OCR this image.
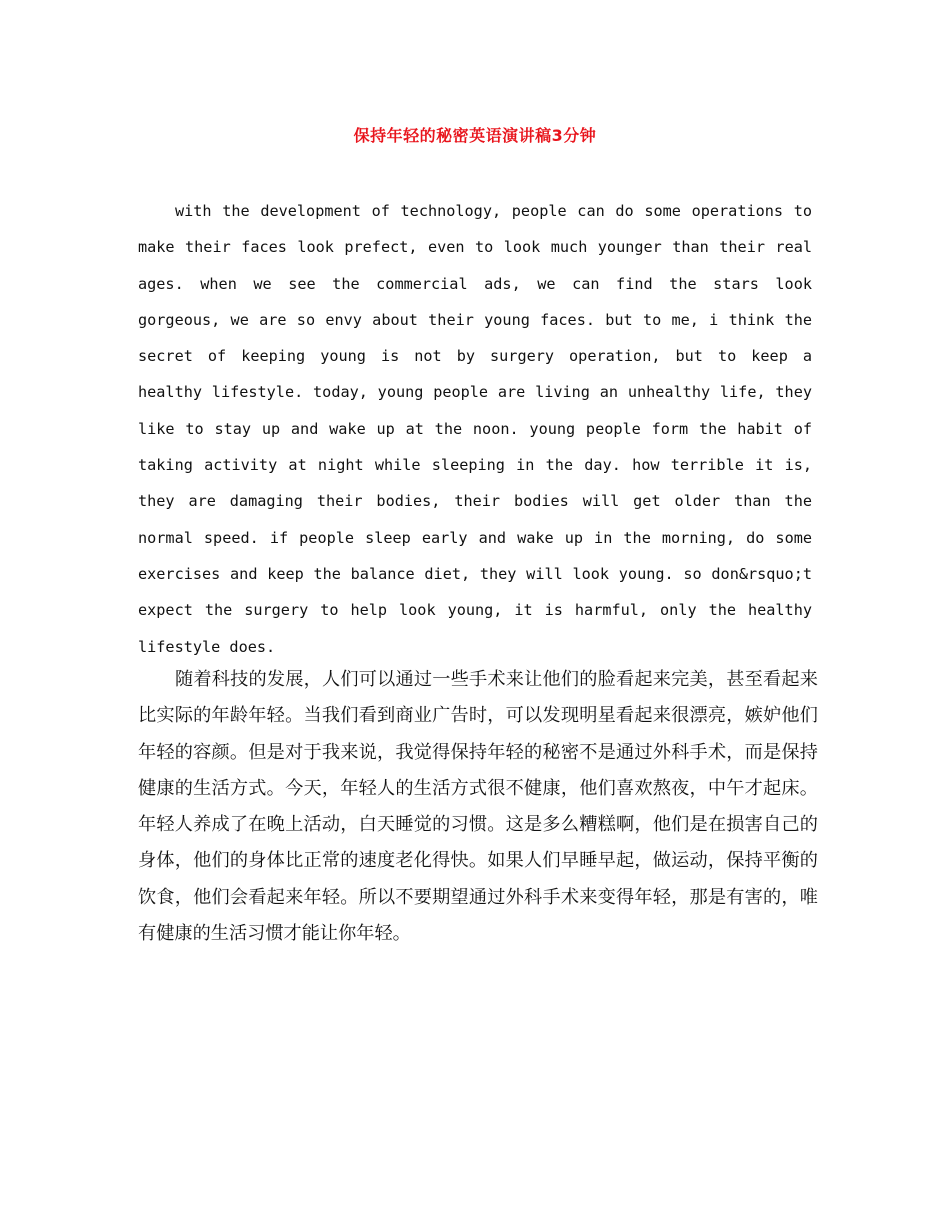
保持年轻的秘密英语演讲稿3分钟

with the development of technology, people can do some operations to make their faces look prefect, even to look much younger than their real ages. when we see the commercial ads, we can find the stars look gorgeous, we are so envy about their young faces. but to me, i think the secret of keeping young is not by surgery operation, but to keep a healthy lifestyle. today, young people are living an unhealthy life, they like to stay up and wake up at the noon. young people form the habit of taking activity at night while sleeping in the day. how terrible it is, they are damaging their bodies, their bodies will get older than the normal speed. if people sleep early and wake up in the morning, do some exercises and keep the balance diet, they will look young. so don&rsquo;t expect the surgery to help look young, it is harmful, only the healthy lifestyle does.

随着科技的发展，人们可以通过一些手术来让他们的脸看起来完美，甚至看起来比实际的年龄年轻。当我们看到商业广告时，可以发现明星看起来很漂亮，嫉妒他们年轻的容颜。但是对于我来说，我觉得保持年轻的秘密不是通过外科手术，而是保持健康的生活方式。今天，年轻人的生活方式很不健康，他们喜欢熬夜，中午才起床。年轻人养成了在晚上活动，白天睡觉的习惯。这是多么糟糕啊，他们是在损害自己的身体，他们的身体比正常的速度老化得快。如果人们早睡早起，做运动，保持平衡的饮食，他们会看起来年轻。所以不要期望通过外科手术来变得年轻，那是有害的，唯有健康的生活习惯才能让你年轻。
